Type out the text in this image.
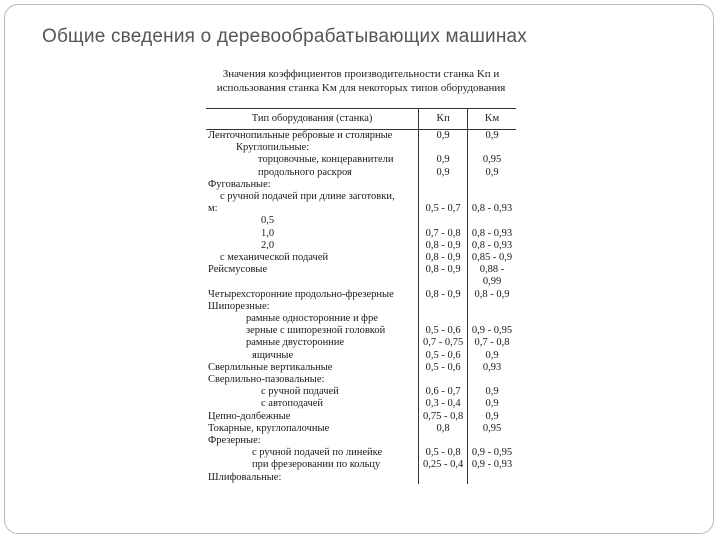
Общие сведения о деревообрабатывающих машинах
Значения коэффициентов производительности станка Kп и
использования станка Kм для некоторых типов оборудования
Тип оборудования (станка)	Kп	Kм
Ленточнопильные ребровые и столярные	0,9	0,9
Круглопильные:		
торцовочные, концеравнители	0,9	0,95
продольного раскроя	0,9	0,9
Фуговальные:		
с ручной подачей при длине заготовки,		
м:	0,5 - 0,7	0,8 - 0,93
0,5		
1,0	0,7 - 0,8	0,8 - 0,93
2,0	0,8 - 0,9	0,8 - 0,93
с механической подачей	0,8 - 0,9	0,85 - 0,9
Рейсмусовые	0,8 - 0,9	0,88 -
		0,99
Четырехсторонние продольно-фрезерные	0,8 - 0,9	0,8 - 0,9
Шипорезные:		
рамные односторонние и фре		
зерные с шипорезной головкой	0,5 - 0,6	0,9 - 0,95
рамные двусторонние	0,7 - 0,75	0,7 - 0,8
ящичные	0,5 - 0,6	0,9
Сверлильные вертикальные	0,5 - 0,6	0,93
Сверлильно-пазовальные:		
с ручной подачей	0,6 - 0,7	0,9
с автоподачей	0,3 - 0,4	0,9
Цепно-долбежные	0,75 - 0,8	0,9
Токарные, круглопалочные	0,8	0,95
Фрезерные:		
с ручной подачей по линейке	0,5 - 0,8	0,9 - 0,95
при фрезеровании по кольцу	0,25 - 0,4	0,9 - 0,93
Шлифовальные:		
